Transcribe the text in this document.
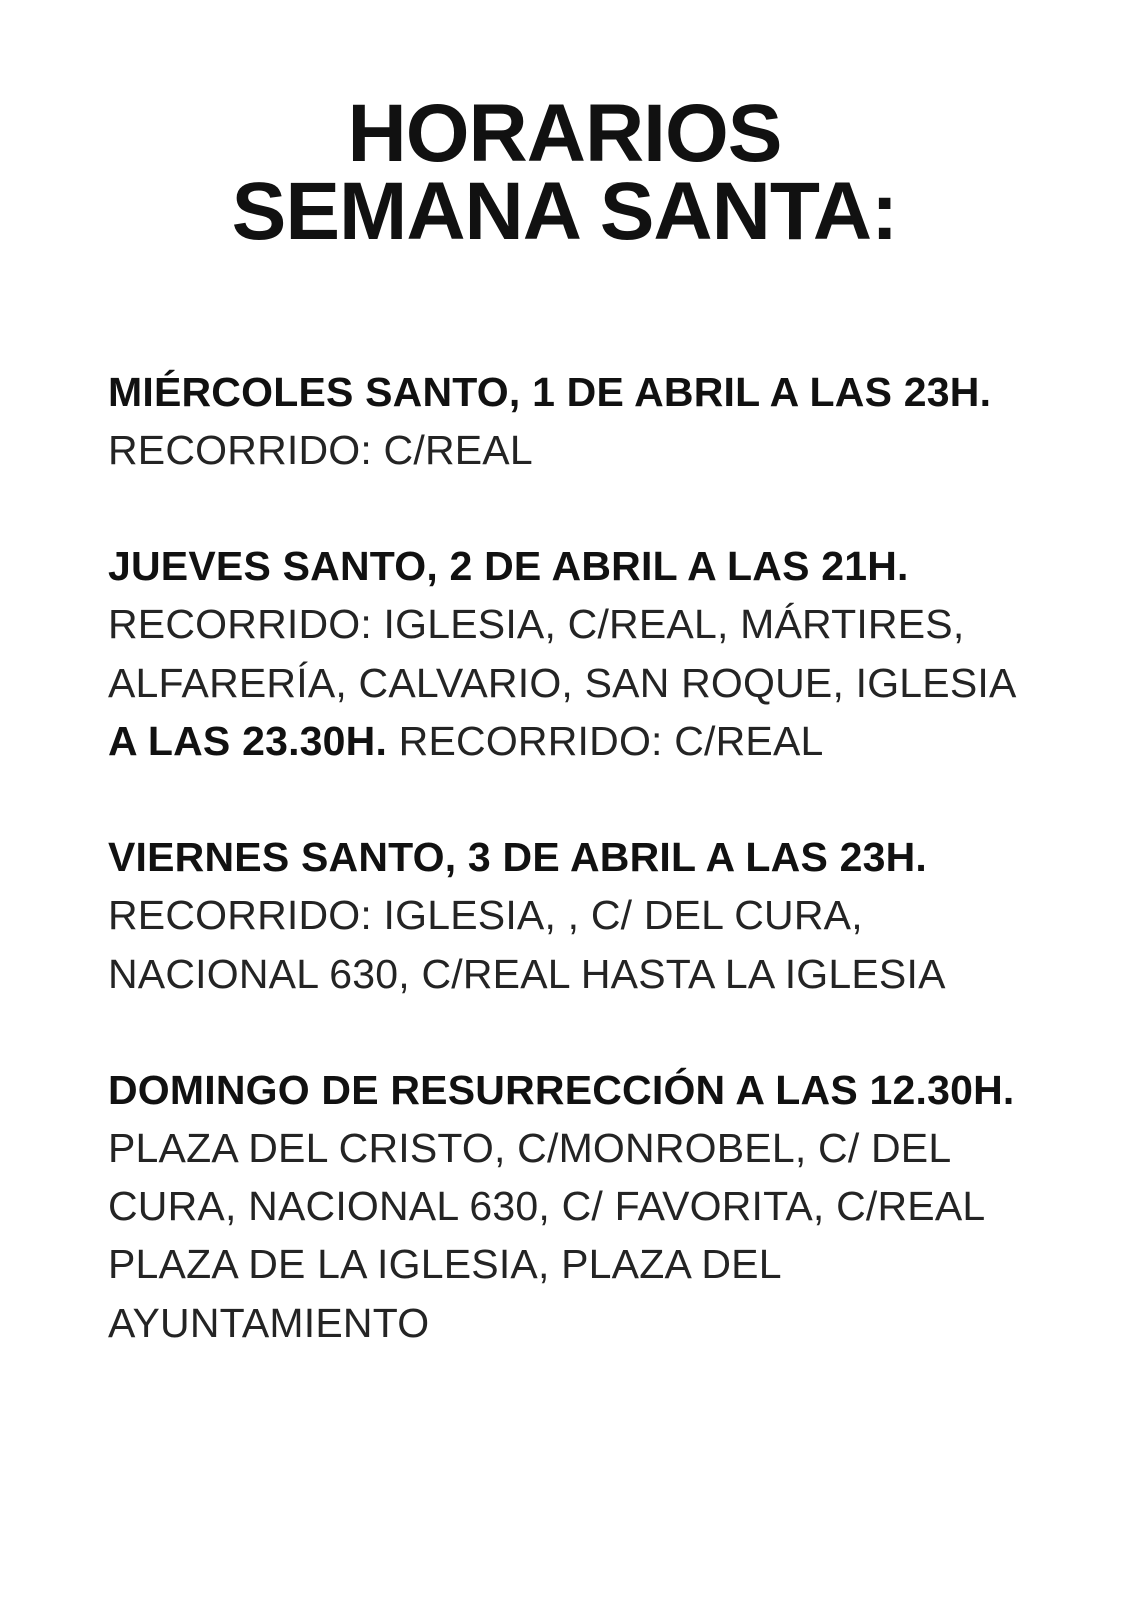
HORARIOS
SEMANA SANTA:

MIÉRCOLES SANTO, 1 DE ABRIL A LAS 23H. RECORRIDO: C/REAL

JUEVES SANTO, 2 DE ABRIL A LAS 21H. RECORRIDO: IGLESIA, C/REAL, MÁRTIRES, ALFARERÍA, CALVARIO, SAN ROQUE, IGLESIA

A LAS 23.30H. RECORRIDO: C/REAL

VIERNES SANTO, 3 DE ABRIL A LAS 23H. RECORRIDO: IGLESIA, , C/ DEL CURA, NACIONAL 630, C/REAL HASTA LA IGLESIA

DOMINGO DE RESURRECCIÓN A LAS 12.30H. PLAZA DEL CRISTO, C/MONROBEL, C/ DEL CURA, NACIONAL 630, C/ FAVORITA, C/REAL PLAZA DE LA IGLESIA, PLAZA DEL AYUNTAMIENTO
